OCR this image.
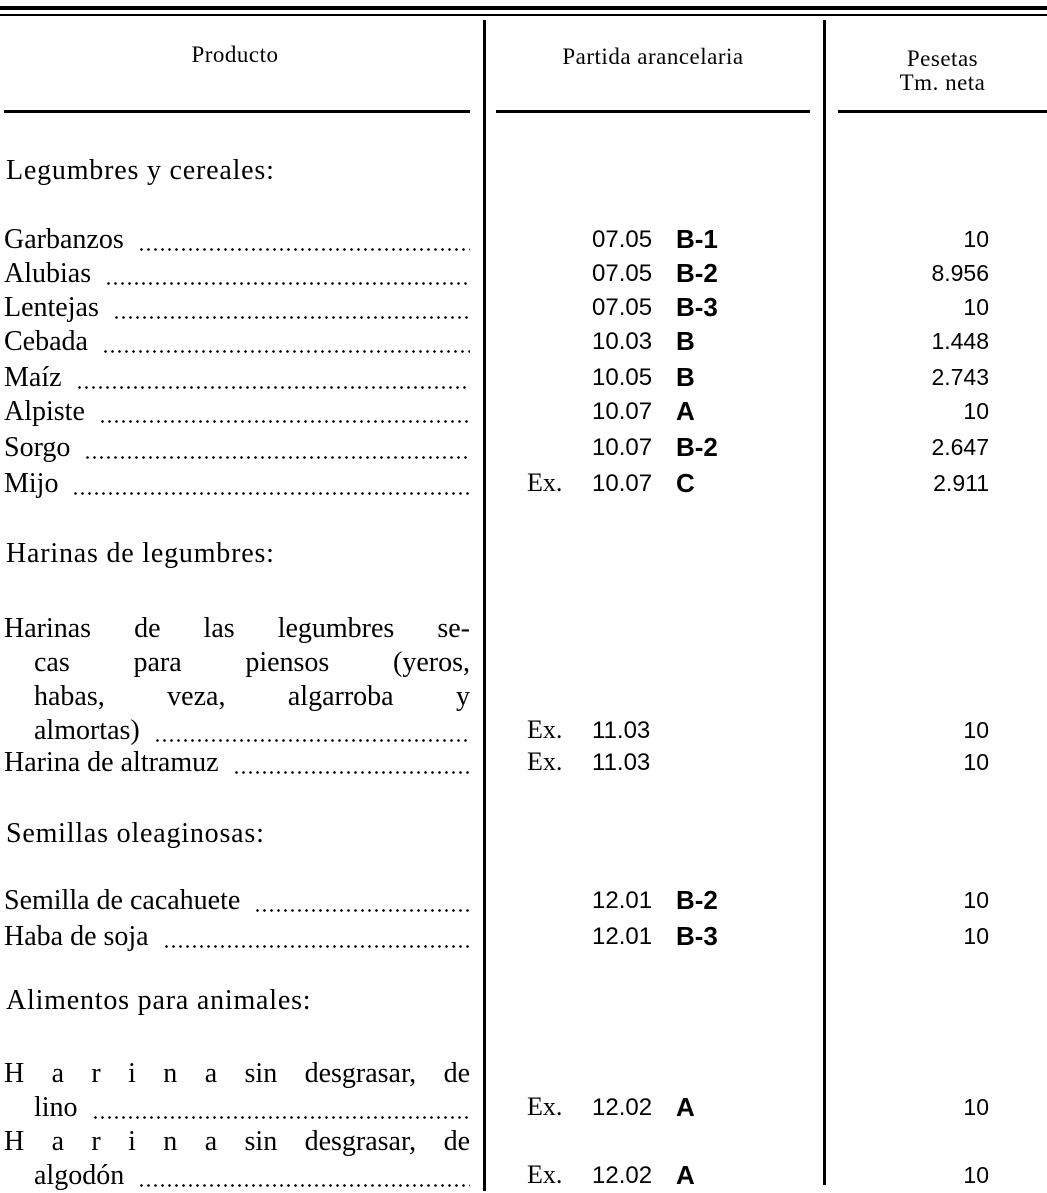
Producto	Partida arancelaria	Pesetas
Tm. neta
Legumbres y cereales:
Garbanzos	07.05 B-1	10
Alubias	07.05 B-2	8.956
Lentejas	07.05 B-3	10
Cebada	10.03 B	1.448
Maíz	10.05 B	2.743
Alpiste	10.07 A	10
Sorgo	10.07 B-2	2.647
Mijo	Ex. 10.07 C	2.911
Harinas de legumbres:
Harinas de las legumbres se-
cas para piensos (yeros,
habas, veza, algarroba y
almortas)	Ex. 11.03	10
Harina de altramuz	Ex. 11.03	10
Semillas oleaginosas:
Semilla de cacahuete	12.01 B-2	10
Haba de soja	12.01 B-3	10
Alimentos para animales:
H a r i n a sin desgrasar, de
lino	Ex. 12.02 A	10
H a r i n a sin desgrasar, de
algodón	Ex. 12.02 A	10
